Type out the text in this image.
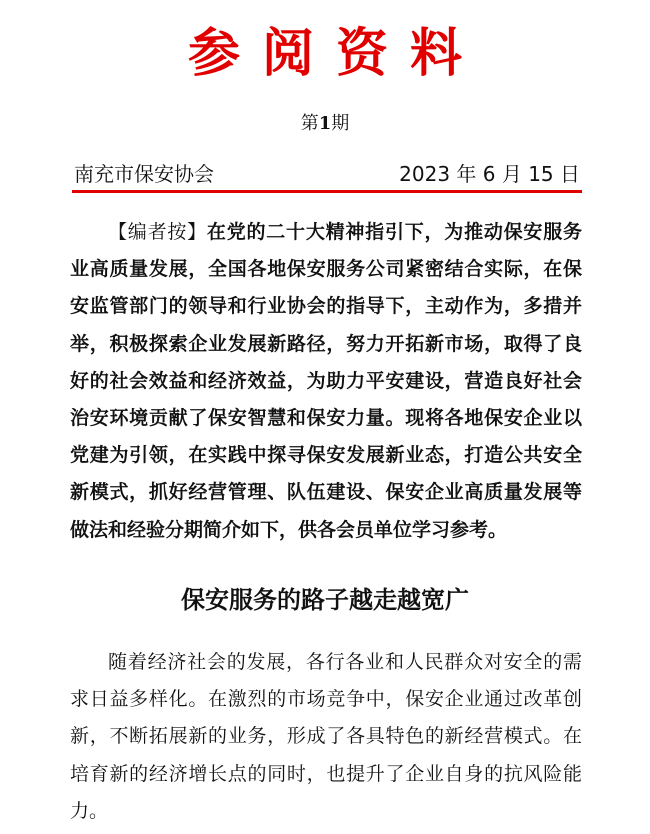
参阅资料
第1期
南充市保安协会	2023 年 6 月 15 日

【编者按】在党的二十大精神指引下，为推动保安服务业高质量发展，全国各地保安服务公司紧密结合实际，在保安监管部门的领导和行业协会的指导下，主动作为，多措并举，积极探索企业发展新路径，努力开拓新市场，取得了良好的社会效益和经济效益，为助力平安建设，营造良好社会治安环境贡献了保安智慧和保安力量。现将各地保安企业以党建为引领，在实践中探寻保安发展新业态，打造公共安全新模式，抓好经营管理、队伍建设、保安企业高质量发展等做法和经验分期简介如下，供各会员单位学习参考。

保安服务的路子越走越宽广

随着经济社会的发展，各行各业和人民群众对安全的需求日益多样化。在激烈的市场竞争中，保安企业通过改革创新，不断拓展新的业务，形成了各具特色的新经营模式。在培育新的经济增长点的同时，也提升了企业自身的抗风险能力。
